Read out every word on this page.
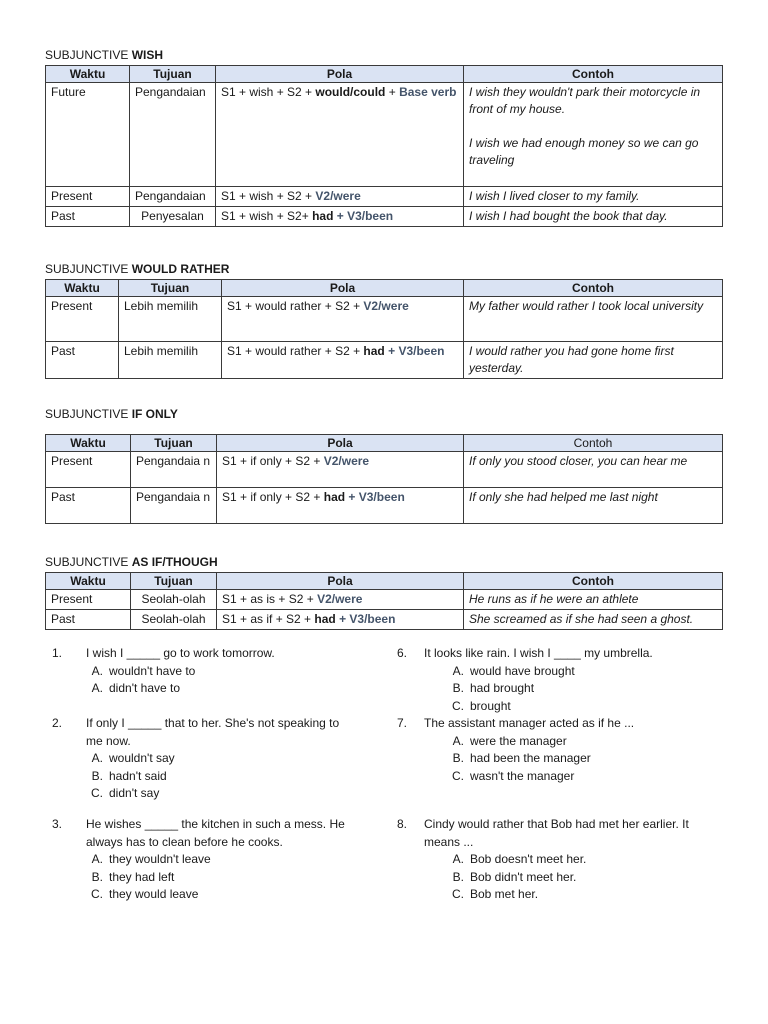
SUBJUNCTIVE WISH
Waktu	Tujuan	Pola	Contoh
Future	Pengandaian	S1 + wish + S2 + would/could + Base verb	I wish they wouldn't park their motorcycle in front of my house.
I wish we had enough money so we can go traveling

Present	Pengandaian	S1 + wish + S2 + V2/were	I wish I lived closer to my family.
Past	Penyesalan	S1 + wish + S2+ had + V3/been	I wish I had bought the book that day.
SUBJUNCTIVE WOULD RATHER
Waktu	Tujuan	Pola	Contoh
Present	Lebih memilih	S1 + would rather + S2 + V2/were	My father would rather I took local university
Past	Lebih memilih	S1 + would rather + S2 + had + V3/been	I would rather you had gone home first yesterday.
SUBJUNCTIVE IF ONLY
Waktu	Tujuan	Pola	Contoh
Present	Pengandaia n	S1 + if only + S2 + V2/were	If only you stood closer, you can hear me
Past	Pengandaia n	S1 + if only + S2 + had + V3/been	If only she had helped me last night
SUBJUNCTIVE AS IF/THOUGH
Waktu	Tujuan	Pola	Contoh
Present	Seolah-olah	S1 + as is + S2 + V2/were	He runs as if he were an athlete
Past	Seolah-olah	S1 + as if + S2 + had + V3/been	She screamed as if she had seen a ghost.
1.	I wish I _____ go to work tomorrow.
A. wouldn't have to
A. didn't have to
2.	If only I _____ that to her. She's not speaking to me now.
A. wouldn't say
B. hadn't said
C. didn't say
3.	He wishes _____ the kitchen in such a mess. He always has to clean before he cooks.
A. they wouldn't leave
B. they had left
C. they would leave
6.	It looks like rain. I wish I ____ my umbrella.
A. would have brought
B. had brought
C. brought
7.	The assistant manager acted as if he ...
A. were the manager
B. had been the manager
C. wasn't the manager
8.	Cindy would rather that Bob had met her earlier. It means ...
A. Bob doesn't meet her.
B. Bob didn't meet her.
C. Bob met her.
